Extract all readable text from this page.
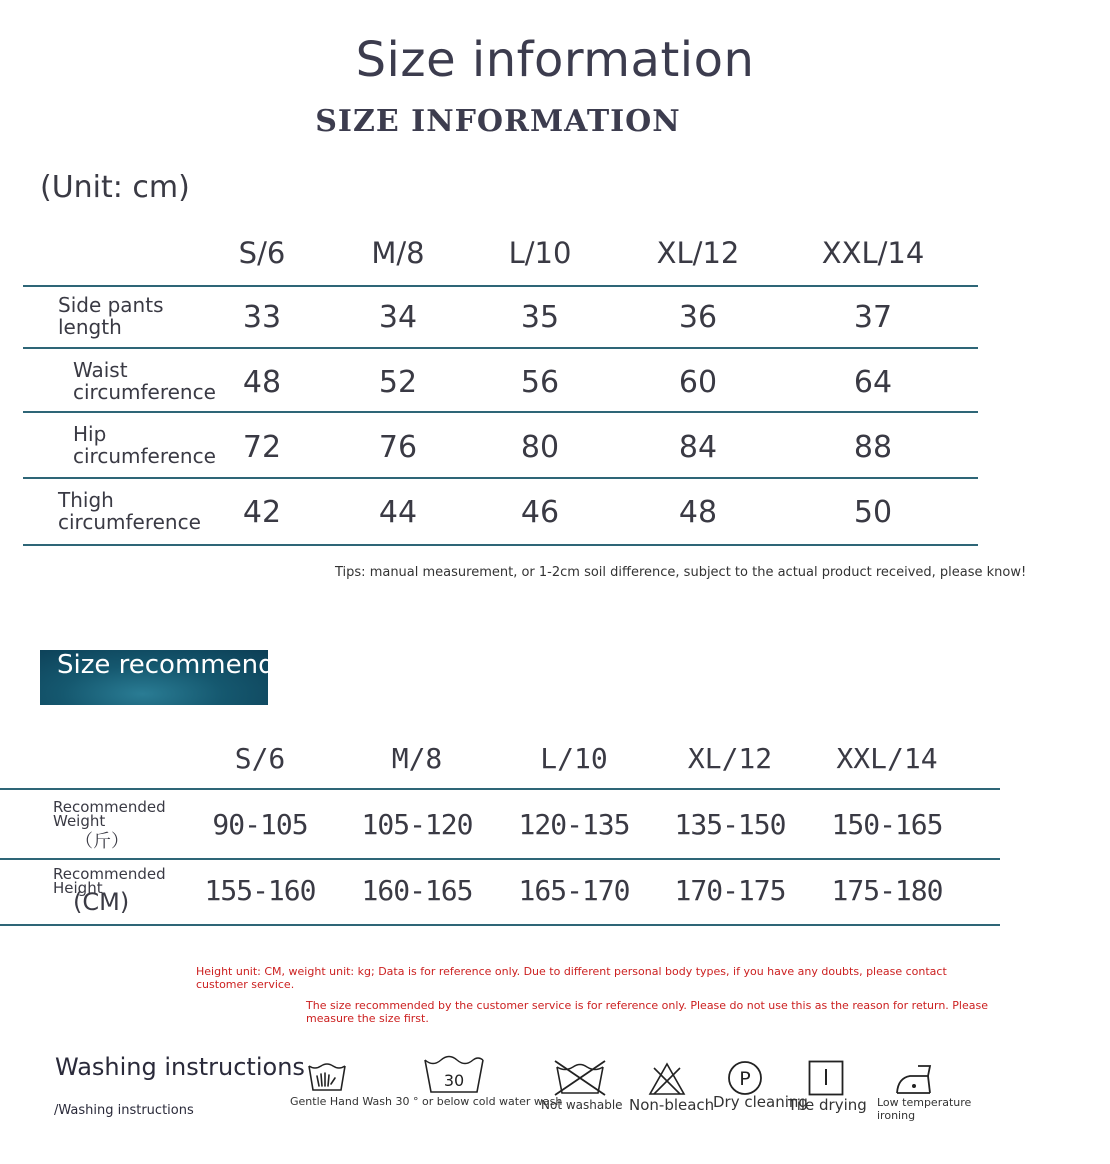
Size information
SIZE INFORMATION
(Unit: cm)
S/6	M/8	L/10	XL/12	XXL/14
Side pants
length	33	34	35	36	37
Waist
circumference 48	52	56	60	64
Hip
circumference 72	76	80	84	88
Thigh
circumference 42	44	46	48	50
Tips: manual measurement, or 1-2cm soil difference, subject to the actual product received, please know!
Size recommendation
S/6	M/8	L/10	XL/12 XXL/14
Recommended
Weight
（斤）
90-105 105-120 120-135 135-150 150-165
Recommended
Height
(CM)	155-160 160-165 165-170 170-175 175-180
Height unit: CM, weight unit: kg; Data is for reference only. Due to different personal body types, if you have any doubts, please contact customer service.
The size recommended by the customer service is for reference only. Please do not use this as the reason for return. Please measure the size first.
Washing instructions
/Washing instructions
Gentle Hand Wash 30 ° or below cold water wash
30
Not washable Non-bleach
P
Dry cleaning
Tile drying Low temperature
ironing
